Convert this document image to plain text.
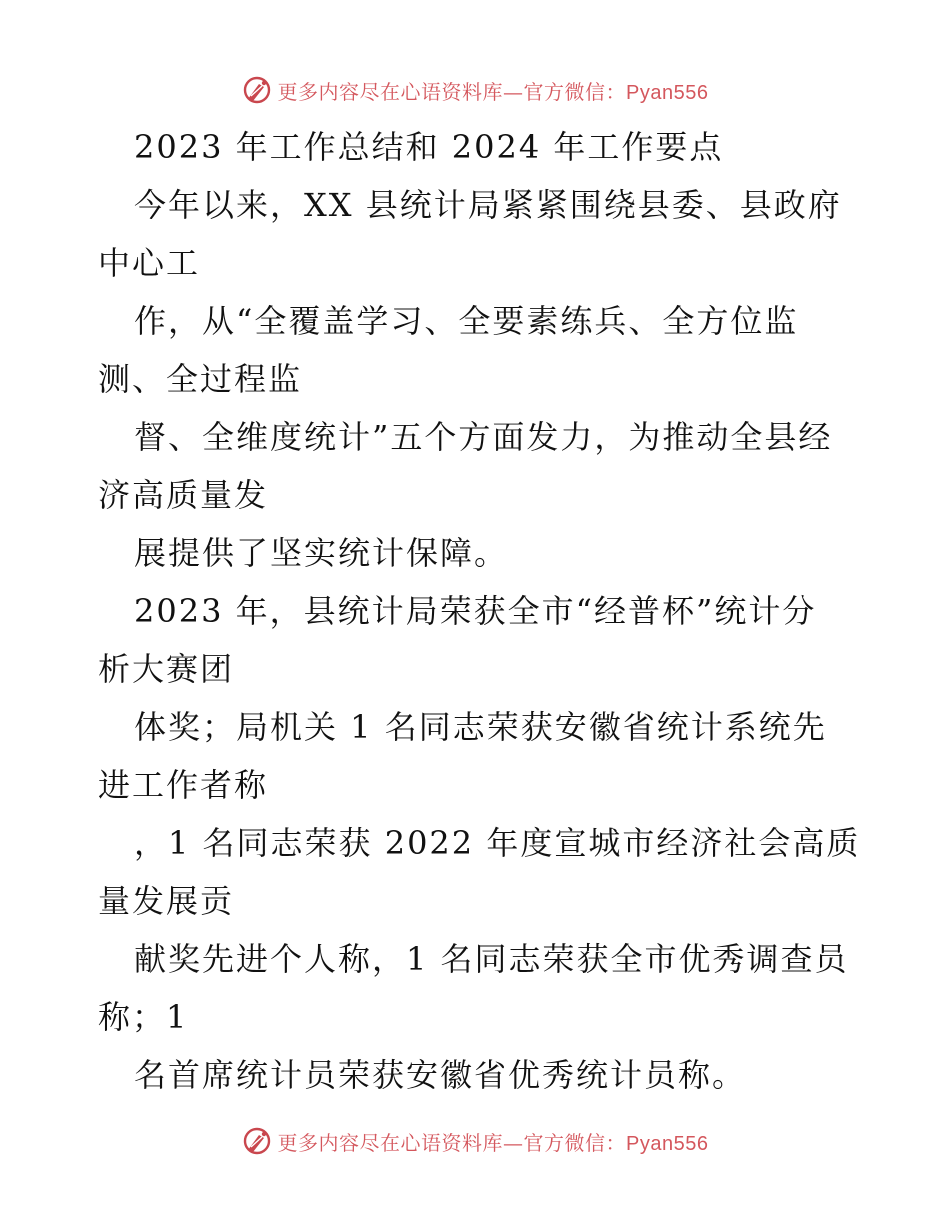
更多内容尽在心语资料库—官方微信：Pyan556
2023 年工作总结和 2024 年工作要点
今年以来，XX 县统计局紧紧围绕县委、县政府
中心工
作，从“全覆盖学习、全要素练兵、全方位监
测、全过程监
督、全维度统计”五个方面发力，为推动全县经
济高质量发
展提供了坚实统计保障。
2023 年，县统计局荣获全市“经普杯”统计分
析大赛团
体奖；局机关 1 名同志荣获安徽省统计系统先
进工作者称
，1 名同志荣获 2022 年度宣城市经济社会高质
量发展贡
献奖先进个人称，1 名同志荣获全市优秀调查员
称；1
名首席统计员荣获安徽省优秀统计员称。
更多内容尽在心语资料库—官方微信：Pyan556
